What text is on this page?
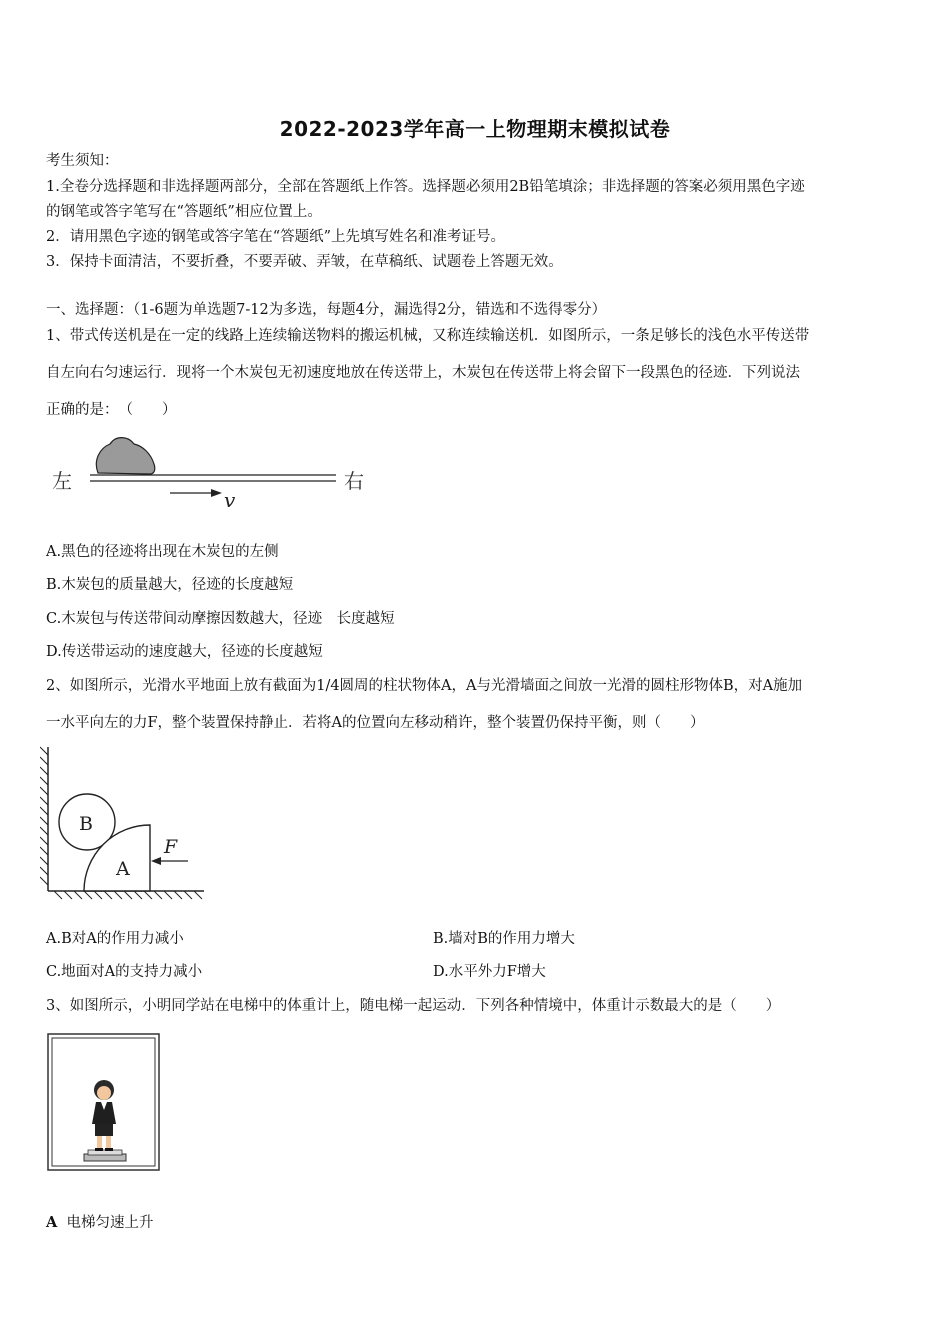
2022-2023学年高一上物理期末模拟试卷
考生须知：
1.全卷分选择题和非选择题两部分，全部在答题纸上作答。选择题必须用2B铅笔填涂；非选择题的答案必须用黑色字迹
的钢笔或答字笔写在“答题纸”相应位置上。
2．请用黑色字迹的钢笔或答字笔在“答题纸”上先填写姓名和准考证号。
3．保持卡面清洁，不要折叠，不要弄破、弄皱，在草稿纸、试题卷上答题无效。
一、选择题：（1-6题为单选题7-12为多选，每题4分，漏选得2分，错选和不选得零分）
1、带式传送机是在一定的线路上连续输送物料的搬运机械，又称连续输送机．如图所示，一条足够长的浅色水平传送带
自左向右匀速运行．现将一个木炭包无初速度地放在传送带上，木炭包在传送带上将会留下一段黑色的径迹．下列说法
正确的是：　（　　）
左	右
v
A.黑色的径迹将出现在木炭包的左侧
B.木炭包的质量越大，径迹的长度越短
C.木炭包与传送带间动摩擦因数越大，径迹　长度越短
D.传送带运动的速度越大，径迹的长度越短
2、如图所示，光滑水平地面上放有截面为1/4圆周的柱状物体A，A与光滑墙面之间放一光滑的圆柱形物体B，对A施加
一水平向左的力F，整个装置保持静止．若将A的位置向左移动稍许，整个装置仍保持平衡，则（　　）
B
A
F
A.B对A的作用力减小	B.墙对B的作用力增大
C.地面对A的支持力减小	D.水平外力F增大
3、如图所示，小明同学站在电梯中的体重计上，随电梯一起运动．下列各种情境中，体重计示数最大的是（　　）
A 电梯匀速上升
